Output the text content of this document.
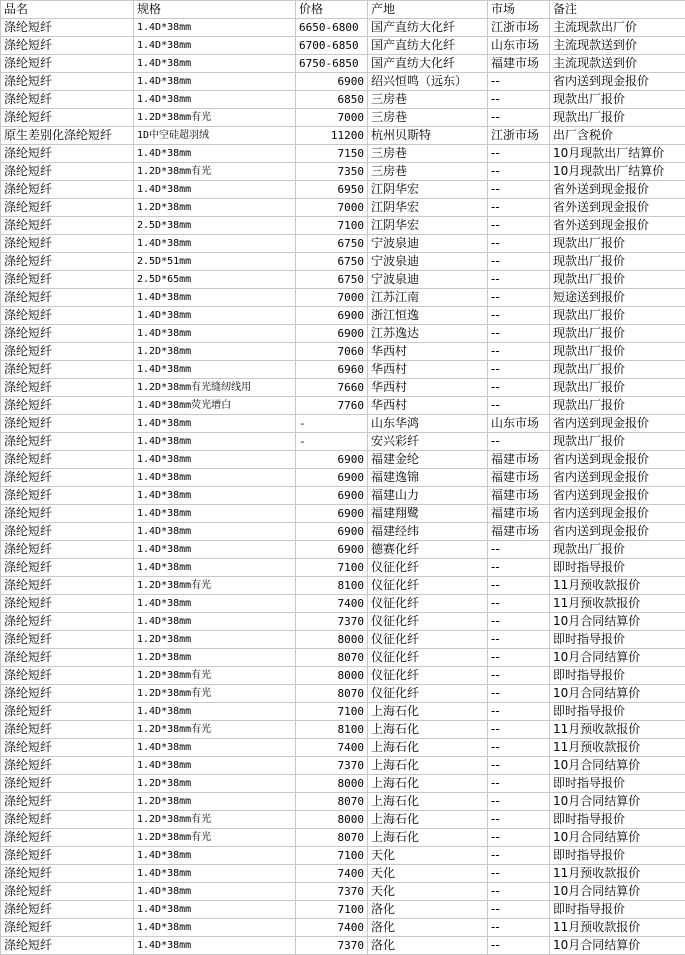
品名	规格	价格	产地	市场	备注
涤纶短纤	1.4D*38mm	6650-6800	国产直纺大化纤	江浙市场	主流现款出厂价
涤纶短纤	1.4D*38mm	6700-6850	国产直纺大化纤	山东市场	主流现款送到价
涤纶短纤	1.4D*38mm	6750-6850	国产直纺大化纤	福建市场	主流现款送到价
涤纶短纤	1.4D*38mm	6900	绍兴恒鸣（远东）	--	省内送到现金报价
涤纶短纤	1.4D*38mm	6850	三房巷	--	现款出厂报价
涤纶短纤	1.2D*38mm有光	7000	三房巷	--	现款出厂报价
原生差别化涤纶短纤	1D中空硅超羽绒	11200	杭州贝斯特	江浙市场	出厂含税价
涤纶短纤	1.4D*38mm	7150	三房巷	--	10月现款出厂结算价
涤纶短纤	1.2D*38mm有光	7350	三房巷	--	10月现款出厂结算价
涤纶短纤	1.4D*38mm	6950	江阴华宏	--	省外送到现金报价
涤纶短纤	1.2D*38mm	7000	江阴华宏	--	省外送到现金报价
涤纶短纤	2.5D*38mm	7100	江阴华宏	--	省外送到现金报价
涤纶短纤	1.4D*38mm	6750	宁波泉迪	--	现款出厂报价
涤纶短纤	2.5D*51mm	6750	宁波泉迪	--	现款出厂报价
涤纶短纤	2.5D*65mm	6750	宁波泉迪	--	现款出厂报价
涤纶短纤	1.4D*38mm	7000	江苏江南	--	短途送到报价
涤纶短纤	1.4D*38mm	6900	浙江恒逸	--	现款出厂报价
涤纶短纤	1.4D*38mm	6900	江苏逸达	--	现款出厂报价
涤纶短纤	1.2D*38mm	7060	华西村	--	现款出厂报价
涤纶短纤	1.4D*38mm	6960	华西村	--	现款出厂报价
涤纶短纤	1.2D*38mm有光缝纫线用	7660	华西村	--	现款出厂报价
涤纶短纤	1.4D*38mm荧光增白	7760	华西村	--	现款出厂报价
涤纶短纤	1.4D*38mm	-	山东华鸿	山东市场	省内送到现金报价
涤纶短纤	1.4D*38mm	-	安兴彩纤	--	现款出厂报价
涤纶短纤	1.4D*38mm	6900	福建金纶	福建市场	省内送到现金报价
涤纶短纤	1.4D*38mm	6900	福建逸锦	福建市场	省内送到现金报价
涤纶短纤	1.4D*38mm	6900	福建山力	福建市场	省内送到现金报价
涤纶短纤	1.4D*38mm	6900	福建翔鹭	福建市场	省内送到现金报价
涤纶短纤	1.4D*38mm	6900	福建经纬	福建市场	省内送到现金报价
涤纶短纤	1.4D*38mm	6900	德赛化纤	--	现款出厂报价
涤纶短纤	1.4D*38mm	7100	仪征化纤	--	即时指导报价
涤纶短纤	1.2D*38mm有光	8100	仪征化纤	--	11月预收款报价
涤纶短纤	1.4D*38mm	7400	仪征化纤	--	11月预收款报价
涤纶短纤	1.4D*38mm	7370	仪征化纤	--	10月合同结算价
涤纶短纤	1.2D*38mm	8000	仪征化纤	--	即时指导报价
涤纶短纤	1.2D*38mm	8070	仪征化纤	--	10月合同结算价
涤纶短纤	1.2D*38mm有光	8000	仪征化纤	--	即时指导报价
涤纶短纤	1.2D*38mm有光	8070	仪征化纤	--	10月合同结算价
涤纶短纤	1.4D*38mm	7100	上海石化	--	即时指导报价
涤纶短纤	1.2D*38mm有光	8100	上海石化	--	11月预收款报价
涤纶短纤	1.4D*38mm	7400	上海石化	--	11月预收款报价
涤纶短纤	1.4D*38mm	7370	上海石化	--	10月合同结算价
涤纶短纤	1.2D*38mm	8000	上海石化	--	即时指导报价
涤纶短纤	1.2D*38mm	8070	上海石化	--	10月合同结算价
涤纶短纤	1.2D*38mm有光	8000	上海石化	--	即时指导报价
涤纶短纤	1.2D*38mm有光	8070	上海石化	--	10月合同结算价
涤纶短纤	1.4D*38mm	7100	天化	--	即时指导报价
涤纶短纤	1.4D*38mm	7400	天化	--	11月预收款报价
涤纶短纤	1.4D*38mm	7370	天化	--	10月合同结算价
涤纶短纤	1.4D*38mm	7100	洛化	--	即时指导报价
涤纶短纤	1.4D*38mm	7400	洛化	--	11月预收款报价
涤纶短纤	1.4D*38mm	7370	洛化	--	10月合同结算价
